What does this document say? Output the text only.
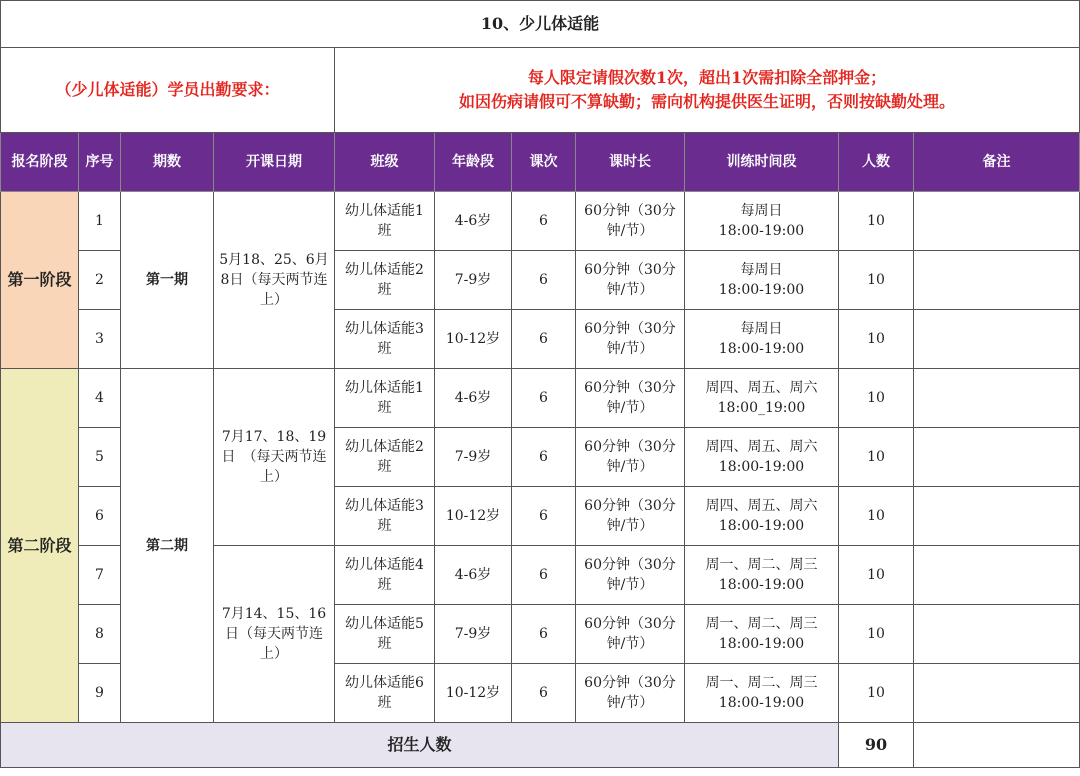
10、少儿体适能										
（少儿体适能）学员出勤要求：				每人限定请假次数1次，超出1次需扣除全部押金；
如因伤病请假可不算缺勤；需向机构提供医生证明，否则按缺勤处理。						

报名阶段	序号	期数	开课日期	班级	年龄段	课次	课时长	训练时间段	人数	备注
第一阶段	1	第一期	5月18、25、6月8日（每天两节连上）	幼儿体适能1班	4-6岁	6	60分钟（30分钟/节）	每周日
18:00-19:00	10	
	2			幼儿体适能2班	7-9岁	6	60分钟（30分钟/节）	每周日
18:00-19:00	10	
	3			幼儿体适能3班	10-12岁	6	60分钟（30分钟/节）	每周日
18:00-19:00	10	
第二阶段	4	第二期	7月17、18、19日　（每天两节连上）	幼儿体适能1班	4-6岁	6	60分钟（30分钟/节）	周四、周五、周六
18:00_19:00	10	
	5			幼儿体适能2班	7-9岁	6	60分钟（30分钟/节）	周四、周五、周六
18:00-19:00	10	
	6			幼儿体适能3班	10-12岁	6	60分钟（30分钟/节）	周四、周五、周六
18:00-19:00	10	
	7		7月14、15、16日（每天两节连上）	幼儿体适能4班	4-6岁	6	60分钟（30分钟/节）	周一、周二、周三
18:00-19:00	10	
	8			幼儿体适能5班	7-9岁	6	60分钟（30分钟/节）	周一、周二、周三
18:00-19:00	10	
	9			幼儿体适能6班	10-12岁	6	60分钟（30分钟/节）	周一、周二、周三
18:00-19:00	10	
招生人数									90	
